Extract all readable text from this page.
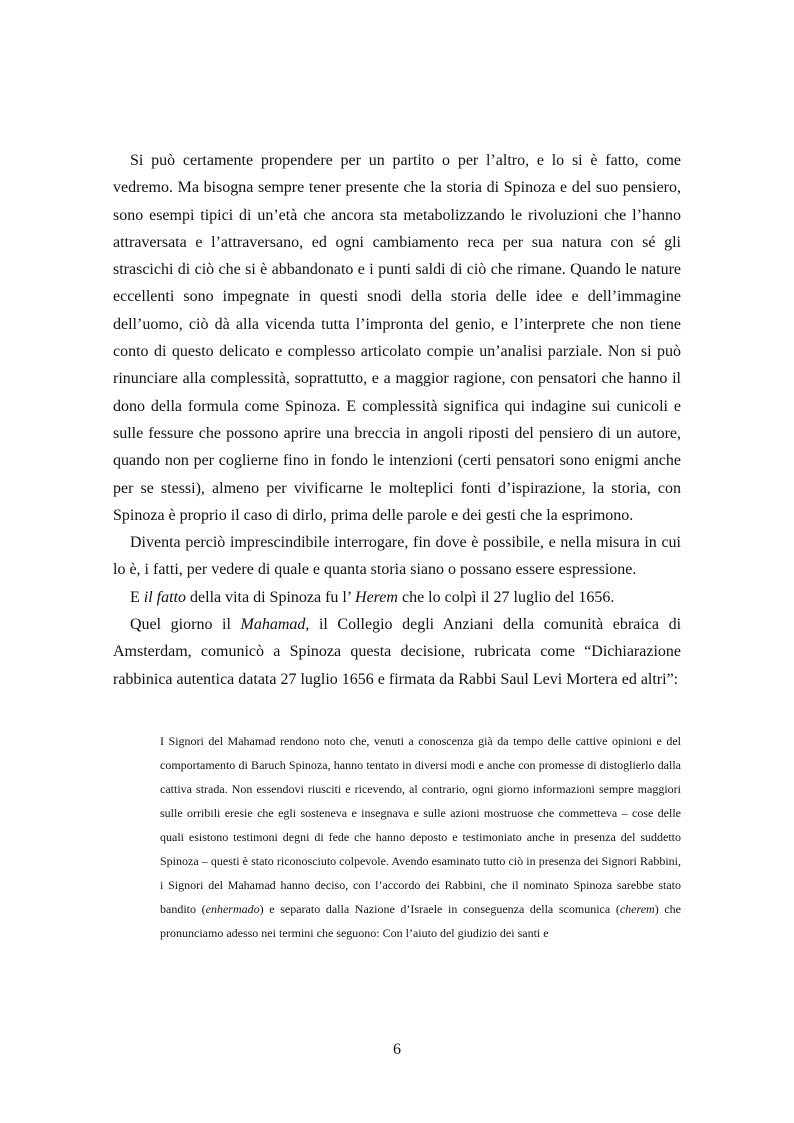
Si può certamente propendere per un partito o per l’altro, e lo si è fatto, come vedremo. Ma bisogna sempre tener presente che la storia di Spinoza e del suo pensiero, sono esempi tipici di un’età che ancora sta metabolizzando le rivoluzioni che l’hanno attraversata e l’attraversano, ed ogni cambiamento reca per sua natura con sé gli strascichi di ciò che si è abbandonato e i punti saldi di ciò che rimane. Quando le nature eccellenti sono impegnate in questi snodi della storia delle idee e dell’immagine dell’uomo, ciò dà alla vicenda tutta l’impronta del genio, e l’interprete che non tiene conto di questo delicato e complesso articolato compie un’analisi parziale. Non si può rinunciare alla complessità, soprattutto, e a maggior ragione, con pensatori che hanno il dono della formula come Spinoza. E complessità significa qui indagine sui cunicoli e sulle fessure che possono aprire una breccia in angoli riposti del pensiero di un autore, quando non per coglierne fino in fondo le intenzioni (certi pensatori sono enigmi anche per se stessi), almeno per vivificarne le molteplici fonti d’ispirazione, la storia, con Spinoza è proprio il caso di dirlo, prima delle parole e dei gesti che la esprimono.

Diventa perciò imprescindibile interrogare, fin dove è possibile, e nella misura in cui lo è, i fatti, per vedere di quale e quanta storia siano o possano essere espressione.

E il fatto della vita di Spinoza fu l’ Herem che lo colpì il 27 luglio del 1656.

Quel giorno il Mahamad, il Collegio degli Anziani della comunità ebraica di Amsterdam, comunicò a Spinoza questa decisione, rubricata come “Dichiarazione rabbinica autentica datata 27 luglio 1656 e firmata da Rabbi Saul Levi Mortera ed altri”:

I Signori del Mahamad rendono noto che, venuti a conoscenza già da tempo delle cattive opinioni e del comportamento di Baruch Spinoza, hanno tentato in diversi modi e anche con promesse di distoglierlo dalla cattiva strada. Non essendovi riusciti e ricevendo, al contrario, ogni giorno informazioni sempre maggiori sulle orribili eresie che egli sosteneva e insegnava e sulle azioni mostruose che commetteva – cose delle quali esistono testimoni degni di fede che hanno deposto e testimoniato anche in presenza del suddetto Spinoza – questi è stato riconosciuto colpevole. Avendo esaminato tutto ciò in presenza dei Signori Rabbini, i Signori del Mahamad hanno deciso, con l’accordo dei Rabbini, che il nominato Spinoza sarebbe stato bandito (enhermado) e separato dalla Nazione d’Israele in conseguenza della scomunica (cherem) che pronunciamo adesso nei termini che seguono: Con l’aiuto del giudizio dei santi e

6
